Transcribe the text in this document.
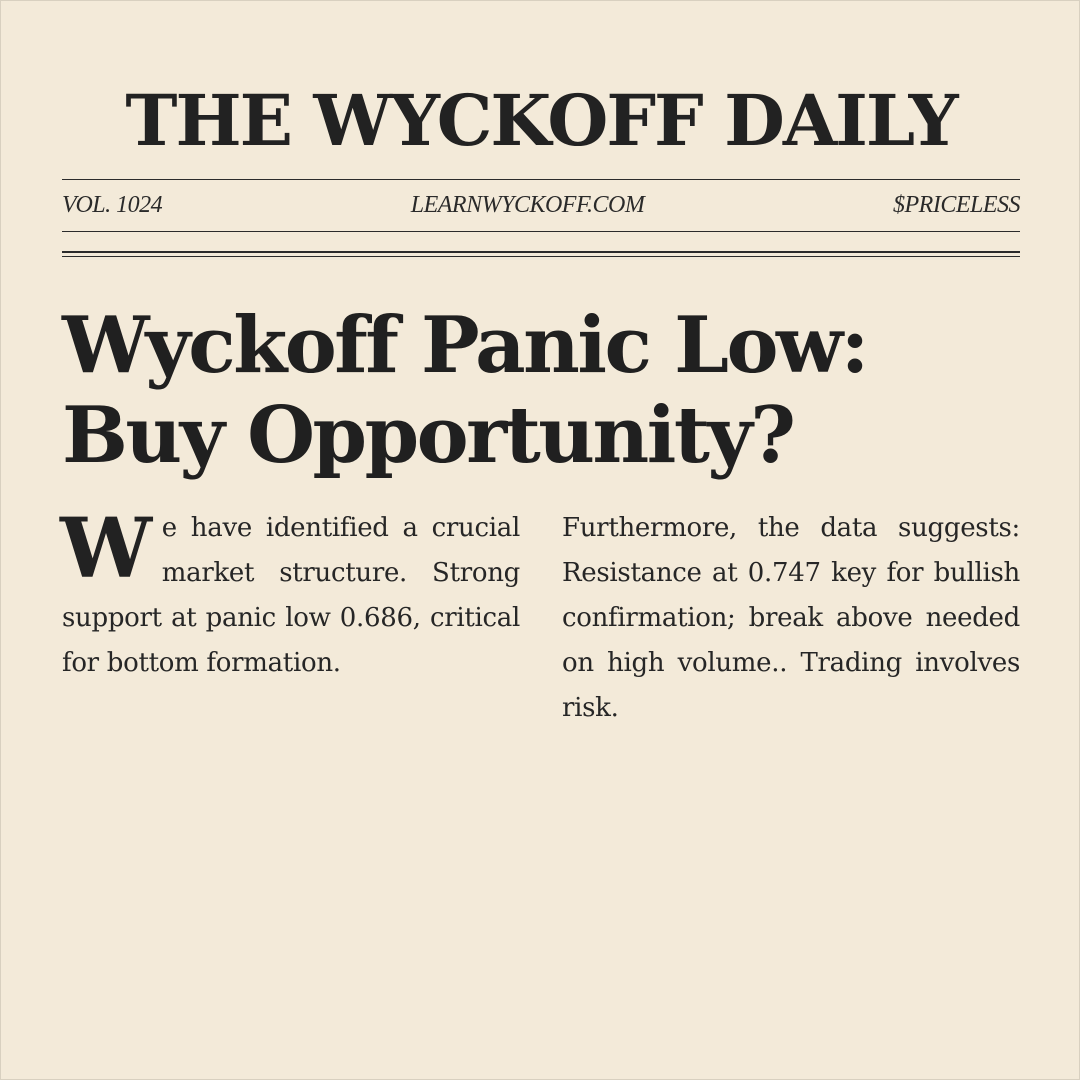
THE WYCKOFF DAILY
VOL. 1024	LEARNWYCKOFF.COM	$PRICELESS
Wyckoff Panic Low:
Buy Opportunity?

We have identified a crucial market structure. Strong support at panic low 0.686, critical for bottom formation.

Furthermore, the data suggests: Resistance at 0.747 key for bullish confirmation; break above needed on high volume.. Trading involves risk.
